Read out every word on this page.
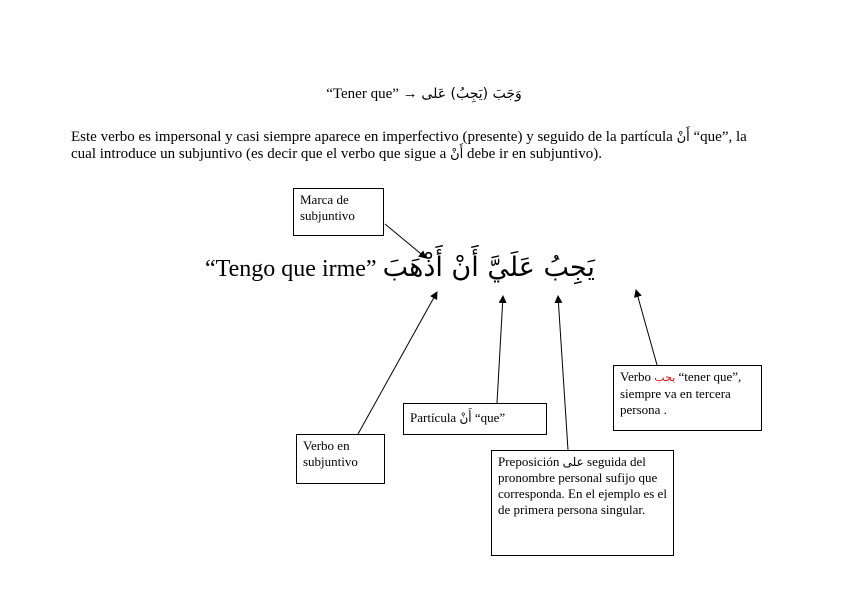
“Tener que” → وَجَبَ (يَجِبُ) عَلى
Este verbo es impersonal y casi siempre aparece en imperfectivo (presente) y seguido de la partícula أَنْ “que”, la cual introduce un subjuntivo (es decir que el verbo que sigue a أَنْ debe ir en subjuntivo).
Marca de subjuntivo
“Tengo que irme” يَجِبُ عَلَيَّ أَنْ أَذْهَبَ
Verbo يجب “tener que”, siempre va en tercera persona .
Partícula أَنْ “que”
Verbo en subjuntivo	Preposición على seguida del pronombre personal sufijo que corresponda. En el ejemplo es el de primera persona singular.
